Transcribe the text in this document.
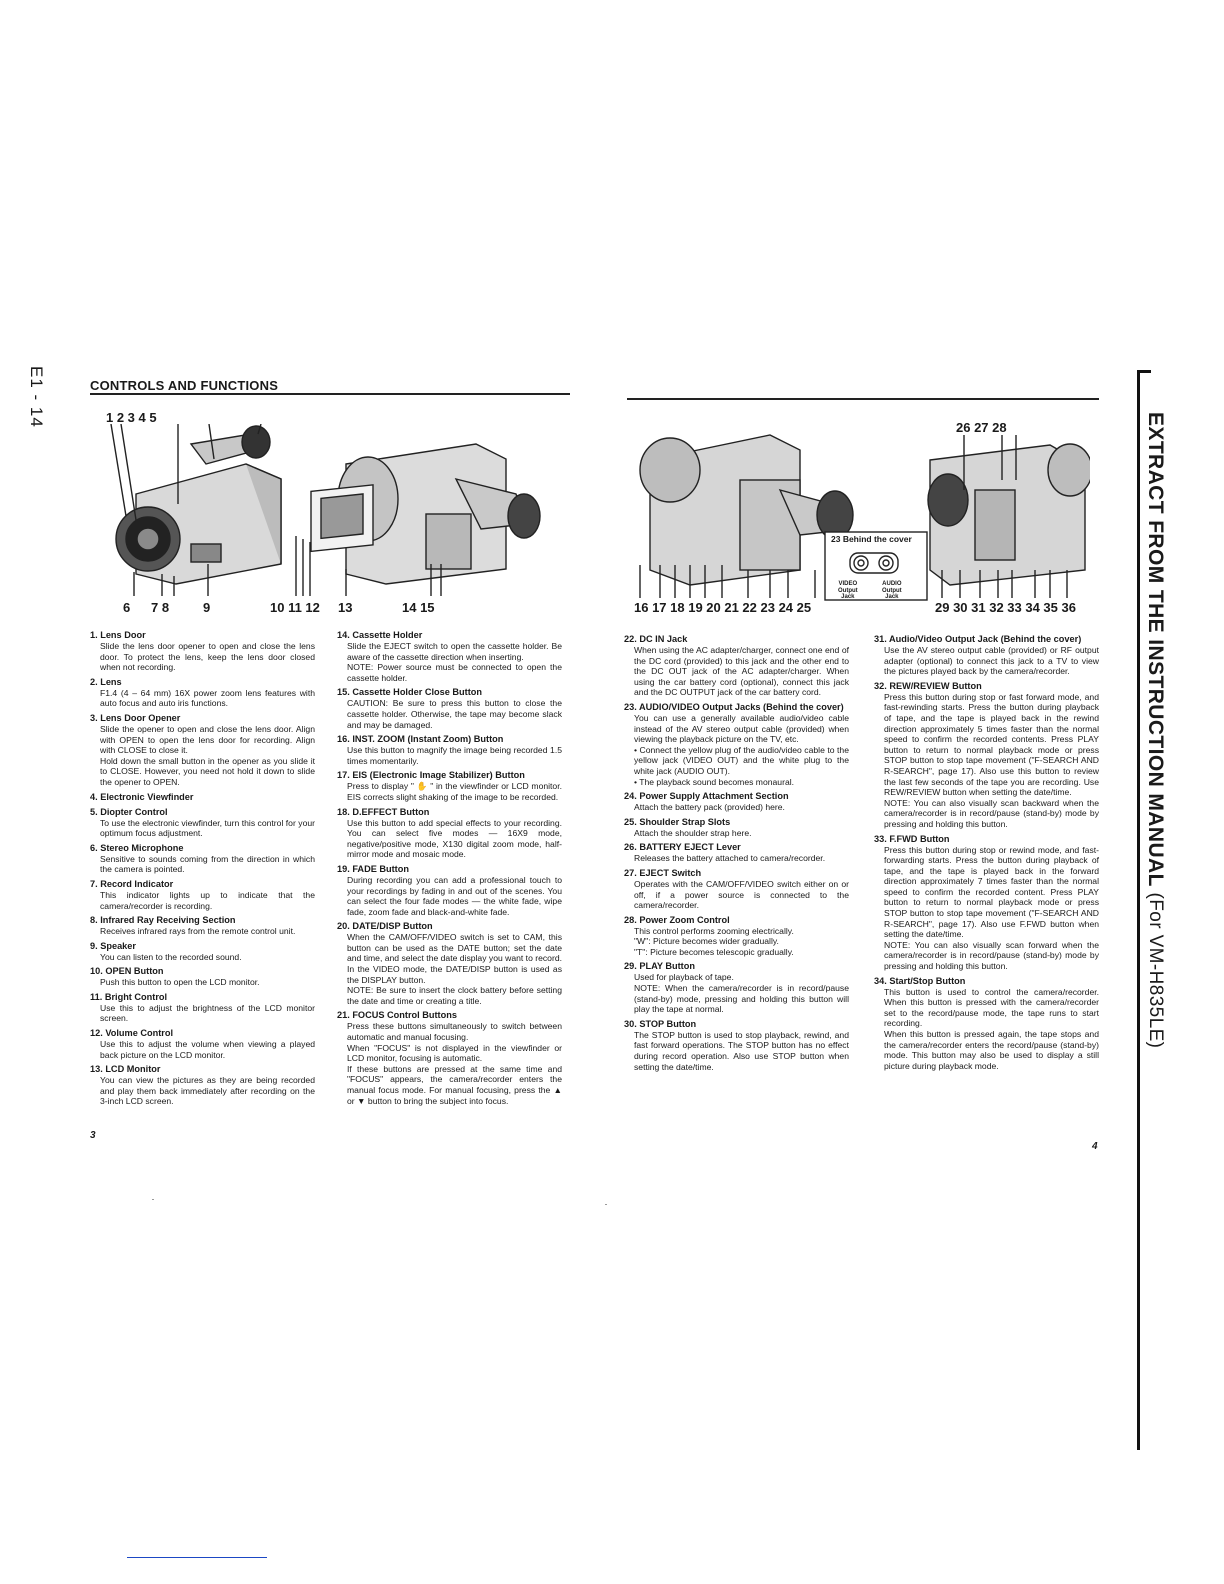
E1 - 14	CONTROLS AND FUNCTIONS
EXTRACT FROM THE INSTRUCTION MANUAL (For VM-H835LE)
1 2 3 4 5
6 7 8	9	10 11 12 13	14 15
26 27 28
23 Behind the cover
VIDEO
Output
Jack
AUDIO
Output
Jack
16 17 18 19 20 21 22 23 24 25	29 30 31 32 33 34 35 36
1. Lens Door
Slide the lens door opener to open and close the lens door. To protect the lens, keep the lens door closed when not recording.
2. Lens
F1.4 (4 – 64 mm) 16X power zoom lens features with auto focus and auto iris functions.
3. Lens Door Opener
Slide the opener to open and close the lens door. Align with OPEN to open the lens door for recording. Align with CLOSE to close it.
Hold down the small button in the opener as you slide it to CLOSE. However, you need not hold it down to slide the opener to OPEN.
4. Electronic Viewfinder
5. Diopter Control
To use the electronic viewfinder, turn this control for your optimum focus adjustment.
6. Stereo Microphone
Sensitive to sounds coming from the direction in which the camera is pointed.
7. Record Indicator
This indicator lights up to indicate that the camera/recorder is recording.
8. Infrared Ray Receiving Section
Receives infrared rays from the remote control unit.
9. Speaker
You can listen to the recorded sound.
10. OPEN Button
Push this button to open the LCD monitor.
11. Bright Control
Use this to adjust the brightness of the LCD monitor screen.
12. Volume Control
Use this to adjust the volume when viewing a played back picture on the LCD monitor.
13. LCD Monitor
You can view the pictures as they are being recorded and play them back immediately after recording on the 3-inch LCD screen.
14. Cassette Holder
Slide the EJECT switch to open the cassette holder. Be aware of the cassette direction when inserting.
NOTE: Power source must be connected to open the cassette holder.
15. Cassette Holder Close Button
CAUTION: Be sure to press this button to close the cassette holder. Otherwise, the tape may become slack and may be damaged.
16. INST. ZOOM (Instant Zoom) Button
Use this button to magnify the image being recorded 1.5 times momentarily.
17. EIS (Electronic Image Stabilizer) Button
Press to display " ✋ " in the viewfinder or LCD monitor. EIS corrects slight shaking of the image to be recorded.
18. D.EFFECT Button
Use this button to add special effects to your recording. You can select five modes — 16X9 mode, negative/positive mode, X130 digital zoom mode, half-mirror mode and mosaic mode.
19. FADE Button
During recording you can add a professional touch to your recordings by fading in and out of the scenes. You can select the four fade modes — the white fade, wipe fade, zoom fade and black-and-white fade.
20. DATE/DISP Button
When the CAM/OFF/VIDEO switch is set to CAM, this button can be used as the DATE button; set the date and time, and select the date display you want to record. In the VIDEO mode, the DATE/DISP button is used as the DISPLAY button.
NOTE: Be sure to insert the clock battery before setting the date and time or creating a title.
21. FOCUS Control Buttons
Press these buttons simultaneously to switch between automatic and manual focusing.
When "FOCUS" is not displayed in the viewfinder or LCD monitor, focusing is automatic.
If these buttons are pressed at the same time and "FOCUS" appears, the camera/recorder enters the manual focus mode. For manual focusing, press the ▲ or ▼ button to bring the subject into focus.
22. DC IN Jack
When using the AC adapter/charger, connect one end of the DC cord (provided) to this jack and the other end to the DC OUT jack of the AC adapter/charger. When using the car battery cord (optional), connect this jack and the DC OUTPUT jack of the car battery cord.
23. AUDIO/VIDEO Output Jacks (Behind the cover)
You can use a generally available audio/video cable instead of the AV stereo output cable (provided) when viewing the playback picture on the TV, etc.
• Connect the yellow plug of the audio/video cable to the yellow jack (VIDEO OUT) and the white plug to the white jack (AUDIO OUT).
• The playback sound becomes monaural.
24. Power Supply Attachment Section
Attach the battery pack (provided) here.
25. Shoulder Strap Slots
Attach the shoulder strap here.
26. BATTERY EJECT Lever
Releases the battery attached to camera/recorder.
27. EJECT Switch
Operates with the CAM/OFF/VIDEO switch either on or off, if a power source is connected to the camera/recorder.
28. Power Zoom Control
This control performs zooming electrically.
"W": Picture becomes wider gradually.
"T": Picture becomes telescopic gradually.
29. PLAY Button
Used for playback of tape.
NOTE: When the camera/recorder is in record/pause (stand-by) mode, pressing and holding this button will play the tape at normal.
30. STOP Button
The STOP button is used to stop playback, rewind, and fast forward operations. The STOP button has no effect during record operation. Also use STOP button when setting the date/time.
31. Audio/Video Output Jack (Behind the cover)
Use the AV stereo output cable (provided) or RF output adapter (optional) to connect this jack to a TV to view the pictures played back by the camera/recorder.
32. REW/REVIEW Button
Press this button during stop or fast forward mode, and fast-rewinding starts. Press the button during playback of tape, and the tape is played back in the rewind direction approximately 5 times faster than the normal speed to confirm the recorded contents. Press PLAY button to return to normal playback mode or press STOP button to stop tape movement ("F-SEARCH AND R-SEARCH", page 17). Also use this button to review the last few seconds of the tape you are recording. Use REW/REVIEW button when setting the date/time.
NOTE: You can also visually scan backward when the camera/recorder is in record/pause (stand-by) mode by pressing and holding this button.
33. F.FWD Button
Press this button during stop or rewind mode, and fast-forwarding starts. Press the button during playback of tape, and the tape is played back in the forward direction approximately 7 times faster than the normal speed to confirm the recorded content. Press PLAY button to return to normal playback mode or press STOP button to stop tape movement ("F-SEARCH AND R-SEARCH", page 17). Also use F.FWD button when setting the date/time.
NOTE: You can also visually scan forward when the camera/recorder is in record/pause (stand-by) mode by pressing and holding this button.
34. Start/Stop Button
This button is used to control the camera/recorder. When this button is pressed with the camera/recorder set to the record/pause mode, the tape runs to start recording.
When this button is pressed again, the tape stops and the camera/recorder enters the record/pause (stand-by) mode. This button may also be used to display a still picture during playback mode.
3
4
